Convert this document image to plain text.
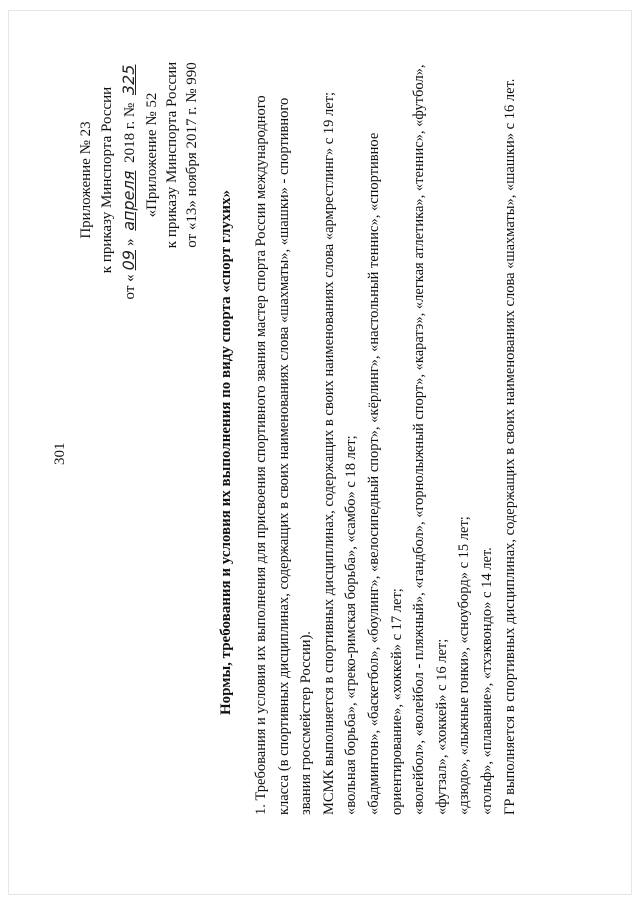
301
Приложение № 23 к приказу Минспорта России
от «09» апреля 2018 г. № 325
«Приложение № 52 к приказу Минспорта России от «13» ноября 2017 г. № 990
Нормы, требования и условия их выполнения по виду спорта «спорт глухих» 1. Требования и условия их выполнения для присвоения спортивного звания мастер спорта России международного класса (в спортивных дисциплинах, содержащих в своих наименованиях слова «шахматы», «шашки» - спортивного звания гроссмейстер России). МСМК выполняется в спортивных дисциплинах, содержащих в своих наименованиях слова «армрестлинг» с 19 лет; «вольная борьба», «греко-римская борьба», «самбо» с 18 лет; «бадминтон», «баскетбол», «боулинг», «велосипедный спорт», «кёрлинг», «настольный теннис», «спортивное ориентирование», «хоккей» с 17 лет; «волейбол», «волейбол - пляжный», «гандбол», «горнолыжный спорт», «каратэ», «легкая атлетика», «теннис», «футбол», «футзал», «хоккей» с 16 лет; «дзюдо», «лыжные гонки», «сноуборд» с 15 лет; «гольф», «плавание», «тхэквондо» с 14 лет. ГР выполняется в спортивных дисциплинах, содержащих в своих наименованиях слова «шахматы», «шашки» с 16 лет.
